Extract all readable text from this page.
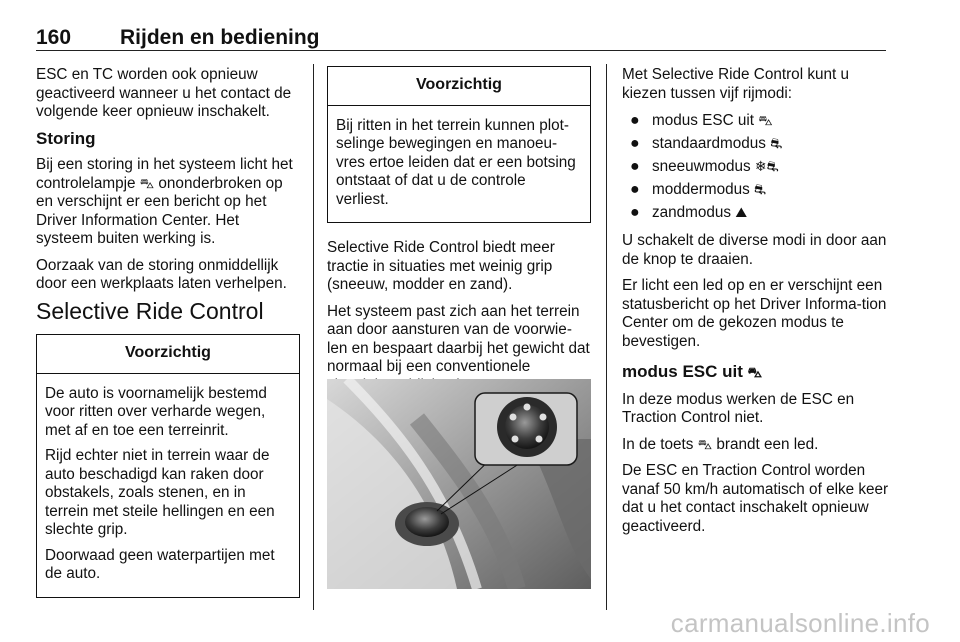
160 Rijden en bediening

ESC en TC worden ook opnieuw geactiveerd wanneer u het contact de volgende keer opnieuw inschakelt.

Storing

Bij een storing in het systeem licht het controlelampje ⛍ ononderbroken op en verschijnt er een bericht op het Driver Information Center. Het systeem buiten werking is.

Oorzaak van de storing onmiddellijk door een werkplaats laten verhelpen.

Selective Ride Control
Voorzichtig

De auto is voornamelijk bestemd voor ritten over verharde wegen, met af en toe een terreinrit.

Rijd echter niet in terrein waar de auto beschadigd kan raken door obstakels, zoals stenen, en in terrein met steile hellingen en een slechte grip.

Doorwaad geen waterpartijen met de auto.

Voorzichtig

Bij ritten in het terrein kunnen plot-selinge bewegingen en manoeu-vres ertoe leiden dat er een botsing ontstaat of dat u de controle verliest.

Selective Ride Control biedt meer tractie in situaties met weinig grip (sneeuw, modder en zand).

Het systeem past zich aan het terrein aan door aansturen van de voorwie-len en bespaart daarbij het gewicht dat normaal bij een conventionele

Met Selective Ride Control kunt u kiezen tussen vijf rijmodi:

● modus ESC uit ⛍
● standaardmodus ⛐
● sneeuwmodus ❄⛐
● moddermodus ⛐
● zandmodus ⛰

U schakelt de diverse modi in door aan de knop te draaien.

Er licht een led op en er verschijnt een statusbericht op het Driver Informa-tion Center om de gekozen modus te bevestigen.

modus ESC uit ⛍

In deze modus werken de ESC en Traction Control niet.

In de toets ⛍ brandt een led.

De ESC en Traction Control worden vanaf 50 km/h automatisch of elke keer dat u het contact inschakelt opnieuw geactiveerd.

carmanualsonline.info
